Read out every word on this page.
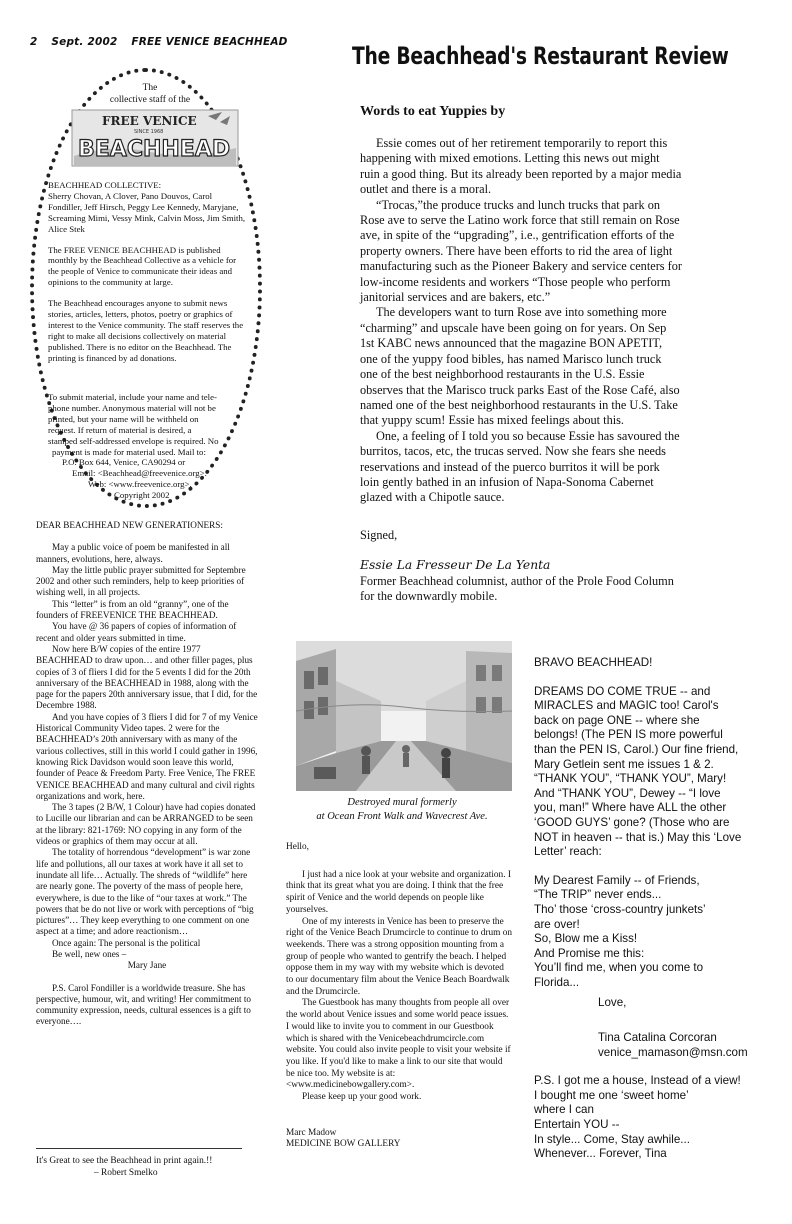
2 Sept. 2002 FREE VENICE BEACHHEAD	The Beachhead's Restaurant Review
The
collective staff of the
FREE VENICE
SINCE 1968
BEACHHEAD

BEACHHEAD COLLECTIVE:
Sherry Chovan, A Clover, Pano Douvos, Carol Fondiller, Jeff Hirsch, Peggy Lee Kennedy, Maryjane, Screaming Mimi, Vessy Mink, Calvin Moss, Jim Smith, Alice Stek

The FREE VENICE BEACHHEAD is published monthly by the Beachhead Collective as a vehicle for the people of Venice to communicate their ideas and opinions to the community at large.

The Beachhead encourages anyone to submit news stories, articles, letters, photos, poetry or graphics of interest to the Venice community. The staff reserves the right to make all decisions collectively on material published. There is no editor on the Beachhead. The printing is financed by ad donations.

To submit material, include your name and tele-
phone number. Anonymous material will not be
printed, but your name will be withheld on
request. If return of material is desired, a
stamped self-addressed envelope is required. No
payment is made for material used. Mail to:
P.O. Box 644, Venice, CA90294 or
Email: <Beachhead@freevenice.org>.
Web: <www.freevenice.org>.
Copyright 2002

DEAR BEACHHEAD NEW GENERATIONERS:

May a public voice of poem be manifested in all manners, evolutions, here, always.

May the little public prayer submitted for Septembre 2002 and other such reminders, help to keep priorities of wishing well, in all projects.

This “letter” is from an old “granny”, one of the founders of FREEVENICE THE BEACHHEAD.

You have @ 36 papers of copies of information of recent and older years submitted in time.

Now here B/W copies of the entire 1977 BEACHHEAD to draw upon… and other filler pages, plus copies of 3 of fliers I did for the 5 events I did for the 20th anniversary of the BEACHHEAD in 1988, along with the page for the papers 20th anniversary issue, that I did, for the Decembre 1988.

And you have copies of 3 fliers I did for 7 of my Venice Historical Community Video tapes. 2 were for the BEACHHEAD’s 20th anniversary with as many of the various collectives, still in this world I could gather in 1996, knowing Rick Davidson would soon leave this world, founder of Peace & Freedom Party. Free Venice, The FREE VENICE BEACHHEAD and many cultural and civil rights organizations and work, here.

The 3 tapes (2 B/W, 1 Colour) have had copies donated to Lucille our librarian and can be ARRANGED to be seen at the library: 821-1769: NO copying in any form of the videos or graphics of them may occur at all.

The totality of horrendous “development” is war zone life and pollutions, all our taxes at work have it all set to inundate all life… Actually. The shreds of “wildlife” here are nearly gone. The poverty of the mass of people here, everywhere, is due to the like of “our taxes at work.” The powers that be do not live or work with perceptions of “big pictures”… They keep everything to one comment on one aspect at a time; and adore reactionism…

Once again: The personal is the political

Be well, new ones –

Mary Jane

P.S. Carol Fondiller is a worldwide treasure. She has perspective, humour, wit, and writing! Her commitment to community expression, needs, cultural essences is a gift to everyone….

It's Great to see the Beachhead in print again.!!
– Robert Smelko
Words to eat Yuppies by

Essie comes out of her retirement temporarily to report this happening with mixed emotions. Letting this news out might ruin a good thing. But its already been reported by a major media outlet and there is a moral.

“Trocas,”the produce trucks and lunch trucks that park on Rose ave to serve the Latino work force that still remain on Rose ave, in spite of the “upgrading”, i.e., gentrification efforts of the property owners. There have been efforts to rid the area of light manufacturing such as the Pioneer Bakery and service centers for low-income residents and workers “Those people who perform janitorial services and are bakers, etc.”

The developers want to turn Rose ave into something more “charming” and upscale have been going on for years. On Sep 1st KABC news announced that the magazine BON APETIT, one of the yuppy food bibles, has named Marisco lunch truck one of the best neighborhood restaurants in the U.S. Essie observes that the Marisco truck parks East of the Rose Café, also named one of the best neighborhood restaurants in the U.S. Take that yuppy scum! Essie has mixed feelings about this.

One, a feeling of I told you so because Essie has savoured the burritos, tacos, etc, the trucas served. Now she fears she needs reservations and instead of the puerco burritos it will be pork loin gently bathed in an infusion of Napa-Sonoma Cabernet glazed with a Chipotle sauce.

Signed,
Essie La Fresseur De La Yenta
Former Beachhead columnist, author of the Prole Food Column for the downwardly mobile.
Destroyed mural formerly
at Ocean Front Walk and Wavecrest Ave.

Hello,

I just had a nice look at your website and organization. I think that its great what you are doing. I think that the free spirit of Venice and the world depends on people like yourselves.

One of my interests in Venice has been to preserve the right of the Venice Beach Drumcircle to continue to drum on weekends. There was a strong opposition mounting from a group of people who wanted to gentrify the beach. I helped oppose them in my way with my website which is devoted to our documentary film about the Venice Beach Boardwalk and the Drumcircle.

The Guestbook has many thoughts from people all over the world about Venice issues and some world peace issues. I would like to invite you to comment in our Guestbook which is shared with the Venicebeachdrumcircle.com website. You could also invite people to visit your website if you like. If you'd like to make a link to our site that would be nice too. My website is at: <www.medicinebowgallery.com>.

Please keep up your good work.

Marc Madow

MEDICINE BOW GALLERY

BRAVO BEACHHEAD!
DREAMS DO COME TRUE -- and
MIRACLES and MAGIC too! Carol's
back on page ONE -- where she
belongs! (The PEN IS more powerful
than the PEN IS, Carol.) Our fine friend,
Mary Getlein sent me issues 1 & 2.
“THANK YOU”, “THANK YOU”, Mary!
And “THANK YOU”, Dewey -- “I love
you, man!” Where have ALL the other
‘GOOD GUYS’ gone? (Those who are
NOT in heaven -- that is.) May this ‘Love
Letter’ reach:
My Dearest Family -- of Friends,
“The TRIP” never ends...
Tho’ those ‘cross-country junkets’
are over!
So, Blow me a Kiss!
And Promise me this:
You’ll find me, when you come to
Florida...
Love,
Tina Catalina Corcoran
venice_mamason@msn.com
P.S. I got me a house, Instead of a view!
I bought me one ‘sweet home’
where I can
Entertain YOU --
In style... Come, Stay awhile...
Whenever... Forever, Tina
